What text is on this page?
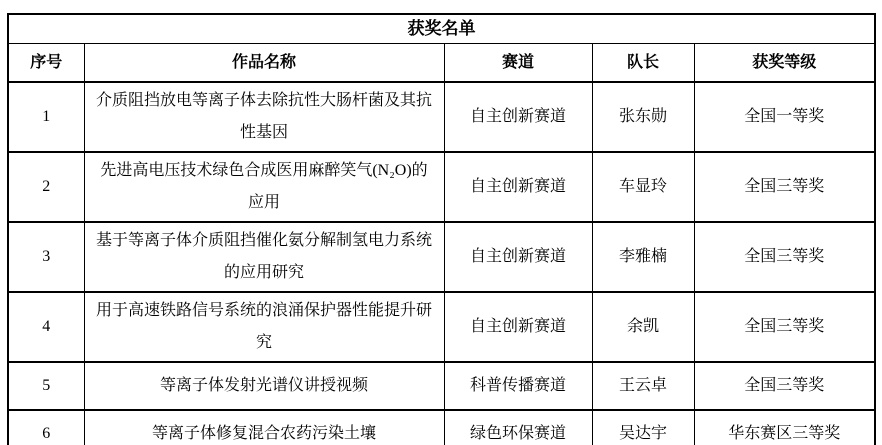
获奖名单				
序号	作品名称	赛道	队长	获奖等级
1	介质阻挡放电等离子体去除抗性大肠杆菌及其抗性基因	自主创新赛道	张东勋	全国一等奖
2	先进高电压技术绿色合成医用麻醉笑气(N₂O)的应用	自主创新赛道	车显玲	全国三等奖
3	基于等离子体介质阻挡催化氨分解制氢电力系统的应用研究	自主创新赛道	李雅楠	全国三等奖
4	用于高速铁路信号系统的浪涌保护器性能提升研究	自主创新赛道	余凯	全国三等奖
5	等离子体发射光谱仪讲授视频	科普传播赛道	王云卓	全国三等奖
6	等离子体修复混合农药污染土壤	绿色环保赛道	吴达宇	华东赛区三等奖
